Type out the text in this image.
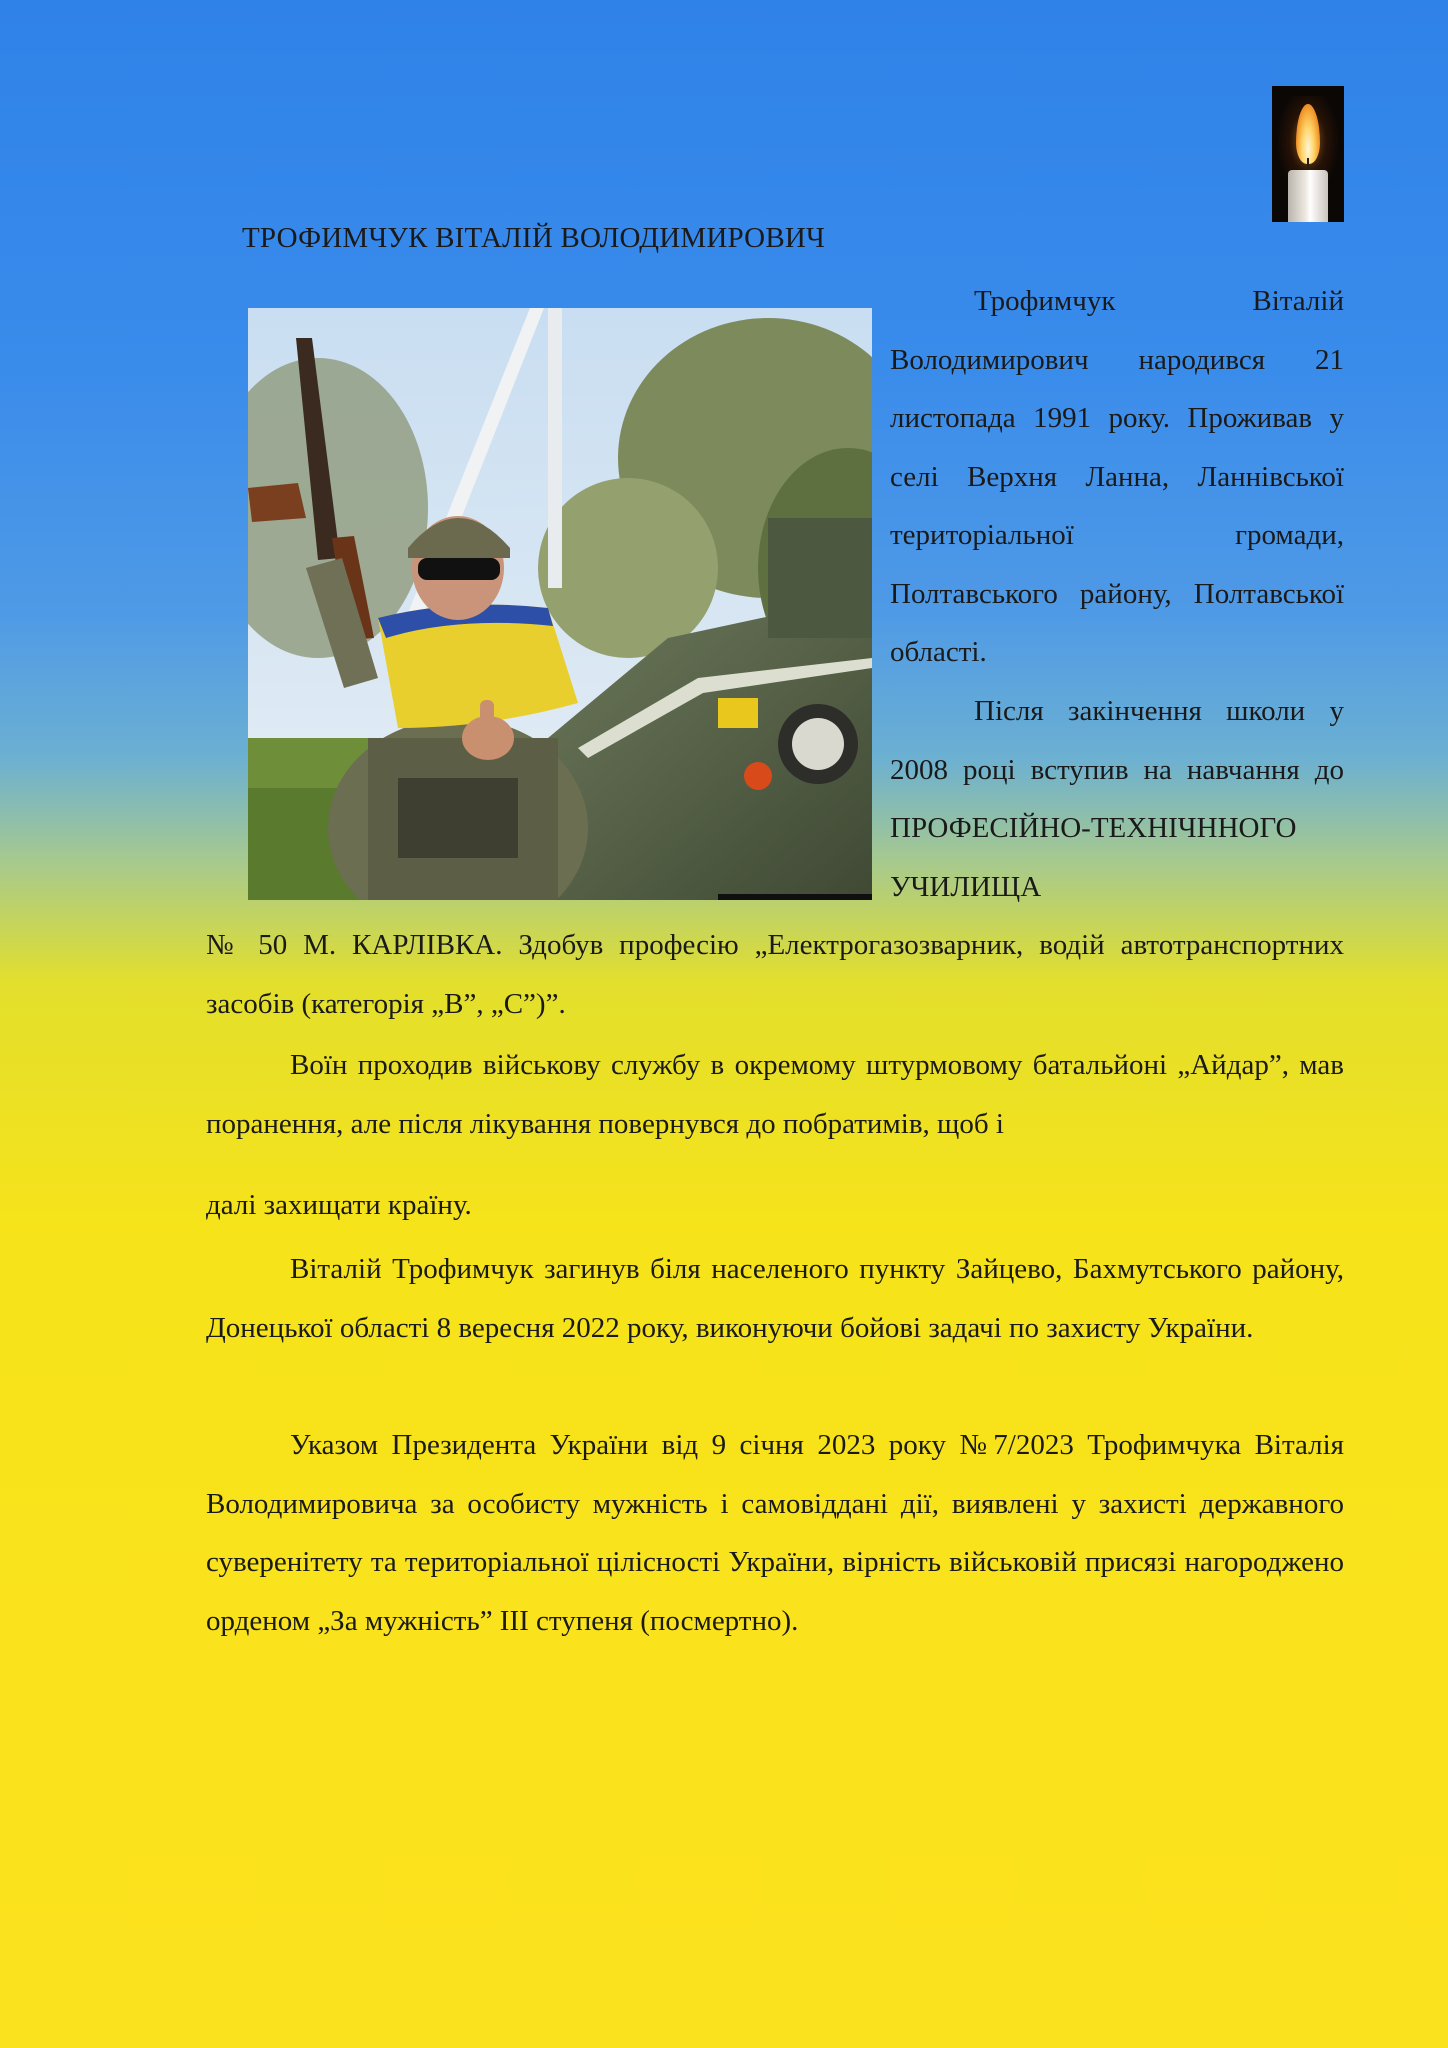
ТРОФИМЧУК ВІТАЛІЙ ВОЛОДИМИРОВИЧ

Трофимчук Віталій Володимирович народився 21 листопада 1991 року. Проживав у селі Верхня Ланна, Ланнівської територіальної громади, Полтавського району, Полтавської області.

Після закінчення школи у 2008 році вступив на навчання до ПРОФЕСІЙНО-ТЕХНІЧННОГО УЧИЛИЩА

№ 50 М. КАРЛІВКА. Здобув професію „Електрогазозварник, водій автотранспортних засобів (категорія „В”, „С”)”.

Воїн проходив військову службу в окремому штурмовому батальйоні „Айдар”, мав поранення, але після лікування повернувся до побратимів, щоб і

далі захищати країну.

Віталій Трофимчук загинув біля населеного пункту Зайцево, Бахмутського району, Донецької області 8 вересня 2022 року, виконуючи бойові задачі по захисту України.

Указом Президента України від 9 січня 2023 року №7/2023 Трофимчука Віталія Володимировича за особисту мужність і самовіддані дії, виявлені у захисті державного суверенітету та територіальної цілісності України, вірність військовій присязі нагороджено орденом „За мужність” ІІІ ступеня (посмертно).
